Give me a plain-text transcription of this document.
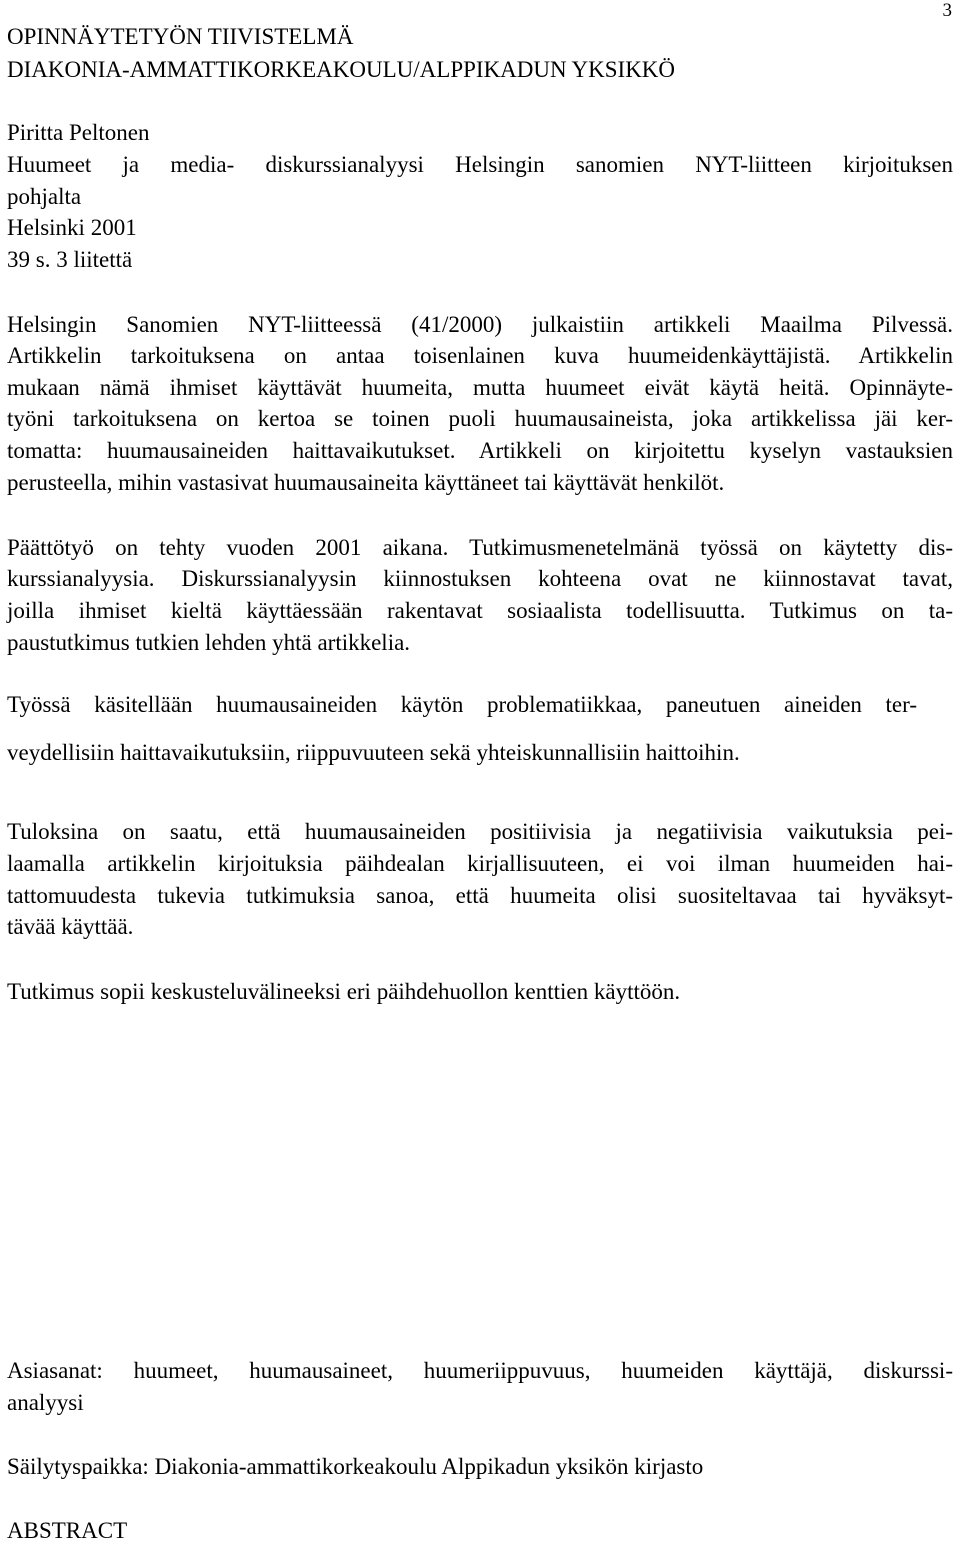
3
OPINNÄYTETYÖN TIIVISTELMÄ
DIAKONIA-AMMATTIKORKEAKOULU/ALPPIKADUN YKSIKKÖ
Piritta Peltonen
Huumeet ja media- diskurssianalyysi Helsingin sanomien NYT-liitteen kirjoituksen
pohjalta
Helsinki 2001
39 s. 3 liitettä
Helsingin Sanomien NYT-liitteessä (41/2000) julkaistiin artikkeli Maailma Pilvessä.
Artikkelin tarkoituksena on antaa toisenlainen kuva huumeidenkäyttäjistä. Artikkelin
mukaan nämä ihmiset käyttävät huumeita, mutta huumeet eivät käytä heitä. Opinnäyte-
työni tarkoituksena on kertoa se toinen puoli huumausaineista, joka artikkelissa jäi ker-
tomatta: huumausaineiden haittavaikutukset. Artikkeli on kirjoitettu kyselyn vastauksien
perusteella, mihin vastasivat huumausaineita käyttäneet tai käyttävät henkilöt.
Päättötyö on tehty vuoden 2001 aikana. Tutkimusmenetelmänä työssä on käytetty dis-
kurssianalyysia. Diskurssianalyysin kiinnostuksen kohteena ovat ne kiinnostavat tavat,
joilla ihmiset kieltä käyttäessään rakentavat sosiaalista todellisuutta. Tutkimus on ta-
paustutkimus tutkien lehden yhtä artikkelia.
Työssä käsitellään huumausaineiden käytön problematiikkaa, paneutuen aineiden ter-
veydellisiin haittavaikutuksiin, riippuvuuteen sekä yhteiskunnallisiin haittoihin.
Tuloksina on saatu, että huumausaineiden positiivisia ja negatiivisia vaikutuksia pei-
laamalla artikkelin kirjoituksia päihdealan kirjallisuuteen, ei voi ilman huumeiden hai-
tattomuudesta tukevia tutkimuksia sanoa, että huumeita olisi suositeltavaa tai hyväksyt-
tävää käyttää.
Tutkimus sopii keskusteluvälineeksi eri päihdehuollon kenttien käyttöön.
Asiasanat: huumeet, huumausaineet, huumeriippuvuus, huumeiden käyttäjä, diskurssi-
analyysi
Säilytyspaikka: Diakonia-ammattikorkeakoulu Alppikadun yksikön kirjasto
ABSTRACT
